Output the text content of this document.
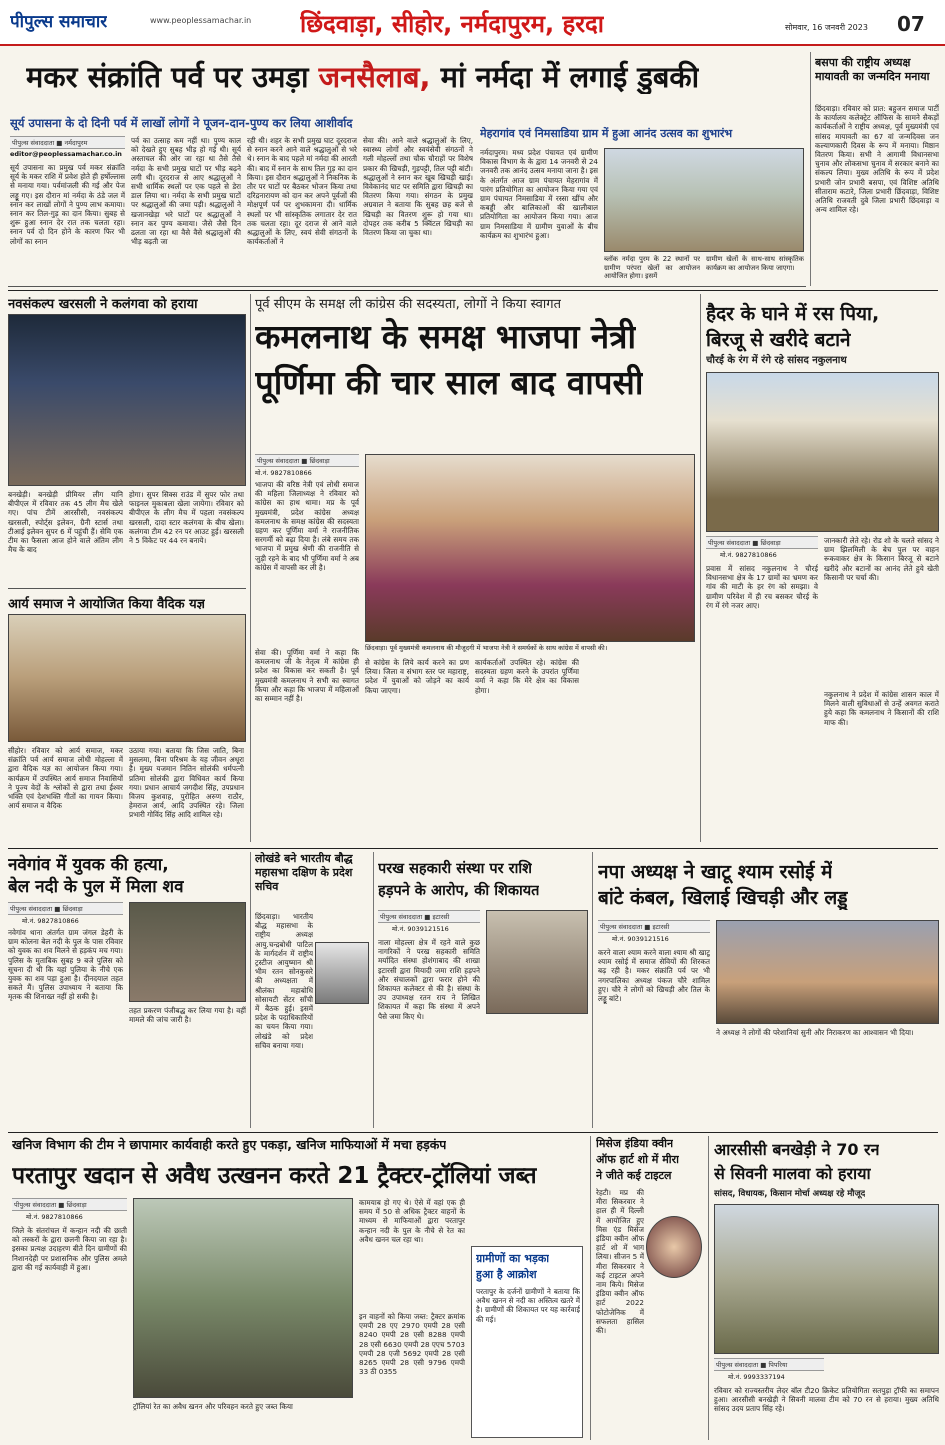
पीपुल्स समाचार	www.peoplessamachar.in छिंदवाड़ा, सीहोर, नर्मदापुरम, हरदा	सोमवार, 16 जनवरी 2023 07
मकर संक्रांति पर्व पर उमड़ा जनसैलाब, मां नर्मदा में लगाई डुबकी
सूर्य उपासना के दो दिनी पर्व में लाखों लोगों ने पूजन-दान-पुण्य कर लिया आशीर्वाद
पीपुल्स संवाददाता ■ नर्मदापुरम
editor@peoplessamachar.co.in
सूर्य उपासना का प्रमुख पर्व मकर संक्रांति सूर्य के मकर राशि में प्रवेश होते ही हर्षोल्लास से मनाया गया। पर्वमांजली की गई और पेज लड्डू गए। इस दौरान मां नर्मदा के ठंडे जल में स्नान कर लाखों लोगों ने पुण्य लाभ कमाया। स्नान कर तिल-गुड़ का दान किया। सुबह से शुरू हुआ स्नान देर रात तक चलता रहा। स्नान पर्व दो दिन होने के कारण फिर भी लोगों का स्नान
पर्व का उत्साह कम नहीं था। पुण्य काल को देखते हुए सुबह भीड़ हो गई थी। सूर्य अस्ताचल की ओर जा रहा था तैसे तैसे नर्मदा के सभी प्रमुख घाटों पर भीड़ बढ़ने लगी थी। दूरदराज से आए श्रद्धालुओं ने सभी धार्मिक स्थलों पर एक पहले से डेरा डाल लिया था। नर्मदा के सभी प्रमुख घाटों पर श्रद्धालुओं की जमा पड़ी। श्रद्धालुओं ने खजानखेड़ा भरे घाटों पर श्रद्धालुओं ने स्नान कर पुण्य कमाया। जैसे जैसे दिन ढलता जा रहा था वैसे वैसे श्रद्धालुओं की भीड़ बढ़ती जा
रही थी। शहर के सभी प्रमुख घाट दूरदराज से स्नान करने आने वाले श्रद्धालुओं से भरे थे। स्नान के बाद पहले मां नर्मदा की आरती की। बाद में स्नान के साथ तिल गुड़ का दान किया। इस दौरान श्रद्धालुओं ने निकनिक के तौर पर घाटों पर बैठकर भोजन किया तथा दरिद्रनारायण को दान कर अपने पूर्वजों की मोक्षपूर्ण पर्व पर शुभकामना दी। धार्मिक स्थलों पर भी सांस्कृतिक लगातार देर रात तक चलता रहा। दूर दराज से आने वाले श्रद्धालुओं के लिए, स्वयं सेवी संगठनों के कार्यकर्ताओं ने
सेवा की। आने वाले श्रद्धालुओं के लिए, स्वास्थ्य लोगों और स्वयंसेवी संगठनों ने गली मोहल्लों तथा चौक चौराहों पर विशेष प्रकार की खिचड़ी, गुड़पट्टी, तिल पट्टी बांटी। श्रद्धालुओं ने स्नान कर खूब खिचड़ी खाई। विवेकानंद घाट पर समिति द्वारा खिचड़ी का वितरण किया गया। संगठन के प्रमुख अग्रवाल ने बताया कि सुबह छह बजे से खिचड़ी का वितरण शुरू हो गया था। दोपहर तक करीब 5 क्विंटल खिचड़ी का वितरण किया जा चुका था।
मेहरागांव एवं निमसाडिया ग्राम में हुआ आनंद उत्सव का शुभारंभ
नर्मदापुरम। मध्य प्रदेश पंचायत एवं ग्रामीण विकास विभाग के के द्वारा 14 जनवरी से 24 जनवरी तक आनंद उत्सव मनाया जाना है। इस के अंतर्गत आज ग्राम पंचायत मेहरागांव में पारंग प्रतियोगिता का आयोजन किया गया एवं ग्राम पंचायत निमसाडिया में रस्सा खींच और कबड्डी और बालिकाओं की खालीबाल प्रतियोगिता का आयोजन किया गया। आज ग्राम निमसाडिया में ग्रामीण युवाओं के बीच कार्यक्रम का शुभारंभ हुआ।
ब्लॉक नर्मदा पुरम के 22 स्थानों पर ग्रामीण परंपरा खेलों का आयोजन आयोजित होगा। इसमें
ग्रामीण खेलों के साथ-साथ सांस्कृतिक कार्यक्रम का आयोजन किया जाएगा।
बसपा की राष्ट्रीय अध्यक्ष मायावती का जन्मदिन मनाया
छिंदवाड़ा। रविवार को प्रात: बहुजन समाज पार्टी के कार्यालय कलेक्ट्रेट ऑफिस के सामने सैकड़ों कार्यकर्ताओं ने राष्ट्रीय अध्यक्ष, पूर्व मुख्यमंत्री एवं सांसद मायावती का 67 वां जन्मदिवस जन कल्याणकारी दिवस के रूप में मनाया। मिष्ठान वितरण किया। सभी ने आगामी विधानसभा चुनाव और लोकसभा चुनाव में सरकार बनाने का संकल्प लिया। मुख्य अतिथि के रूप में प्रदेश प्रभारी जोन प्रभारी बसपा, एवं विशिष्ट अतिथि सीताराम कटारे, जिला प्रभारी छिंदवाड़ा, विशिष्ट अतिथि राजवती दुबे जिला प्रभारी छिंदवाड़ा व अन्य शामिल रहे।
नवसंकल्प खरसली ने कलंगवा को हराया
बनखेड़ी। बनखेड़ी प्रीमियर लीग यानि बीपीएल में रविवार तक 45 लीग मैच खेले गए। पांच टीमें आरसीसी, नवसंकल्प खरसली, स्पोर्ट्स इलेवन, ग्रैनी स्टार्स तथा टीआई इलेवन सुपर 6 में पहुंची हैं। सेमि एक टीम का फैसला आज होने वाले अंतिम लीग मैच के बाद
होगा। सुपर सिक्स राउंड में सुपर फोर तथा फाइनल मुकाबला खेला जायेगा। रविवार को बीपीएल के लीग मैच में पहला नवसंकल्प खरसली, दादा स्टार कलंगवा के बीच खेला। कलंगवा टीम 42 रन पर आउट हुई। खरसली ने 5 विकेट पर 44 रन बनाये।
आर्य समाज ने आयोजित किया वैदिक यज्ञ
सीहोर। रविवार को आर्य समाज, मकर संक्रांति पर्व आर्य समाज लोधी मोहल्ला में द्वारा वैदिक यज्ञ का आयोजन किया गया। कार्यक्रम में उपस्थित आर्य समाज निवासियों ने पूज्य वेदों के श्लोकों से द्वारा तथा ईश्वर भक्ति एवं देशभक्ति गीतों का गायन किया। आर्य समाज व वैदिक
उठाया गया। बताया कि जिस जाति, बिना मुसलमा, बिना परिश्रम के यह जीवन अधूरा है। मुख्य यजमान नितिन सोलंकी धर्मपत्नी प्रतिमा सोलंकी द्वारा विधिवत कार्य किया गया। प्रधान आचार्य जगदीश सिंह, उपप्रधान विजय कुशवाह, पुरोहित अरुण राठौर, हेमराज आर्य, आदि उपस्थित रहे। जिला प्रभारी गोविंद सिंह आदि शामिल रहे।
पूर्व सीएम के समक्ष ली कांग्रेस की सदस्यता, लोगों ने किया स्वागत
कमलनाथ के समक्ष भाजपा नेत्री
पूर्णिमा की चार साल बाद वापसी
पीपुल्स संवाददाता ■ छिंदवाड़ा
मो.नं. 9827810866
भाजपा की वरिष्ठ नेत्री एवं लोधी समाज की महिला जिलाध्यक्ष ने रविवार को कांग्रेस का हाथ थामा। मप्र के पूर्व मुख्यमंत्री, प्रदेश कांग्रेस अध्यक्ष कमलनाथ के समक्ष कांग्रेस की सदस्यता ग्रहण कर पूर्णिमा वर्मा ने राजनीतिक सरगर्मी को बढ़ा दिया है। लंबे समय तक भाजपा में प्रमुख श्रेणी की राजनीति से जुड़ी रहने के बाद भी पूर्णिमा वर्मा ने अब कांग्रेस में वापसी कर ली है।
सेवा की। पूर्णिमा वर्मा ने कहा कि कमलनाथ जी के नेतृत्व में कांग्रेस ही प्रदेश का विकास कर सकती है। पूर्व मुख्यमंत्री कमलनाथ ने सभी का स्वागत किया और कहा कि भाजपा में महिलाओं का सम्मान नहीं है।
छिंदवाड़ा। पूर्व मुख्यमंत्री कमलनाथ की मौजूदगी में भाजपा नेत्री ने समर्थकों के साथ कांग्रेस में वापसी की।
से कांग्रेस के लिये कार्य करने का प्रण लिया। जिला व संभाग स्तर पर महाराष्ट्र, प्रदेश में युवाओं को जोड़ने का कार्य किया जाएगा।
कार्यकर्ताओं उपस्थित रहे। कांग्रेस की सदस्यता ग्रहण करने के उपरांत पूर्णिमा वर्मा ने कहा कि मेरे क्षेत्र का विकास होगा।
हैदर के घाने में रस पिया,
बिरजू से खरीदे बटाने
चौरई के रंग में रंगे रहे सांसद नकुलनाथ
पीपुल्स संवाददाता ■ छिंदवाड़ा
मो.नं. 9827810866
प्रवास में सांसद नकुलनाथ ने चौरई विधानसभा क्षेत्र के 17 ग्रामों का भ्रमण कर गांव की माटी के हर रंग को समझा। वे ग्रामीण परिवेश में ही रच बसकर चौरई के रंग में रंगे नजर आए।
जानकारी लेते रहे। रोड शो के चलते सांसद ने ग्राम झिलमिली के बेच पुल पर वाहन रूकवाकर क्षेत्र के किसान बिरजू से बटाने खरीदे और बटानों का आनंद लेते हुये खेती किसानी पर चर्चा की।
नकुलनाथ ने प्रदेश में कांग्रेस शासन काल में मिलने वाली सुविधाओं से उन्हें अवगत कराते हुये कहा कि कमलनाथ ने किसानों की राशि माफ की।
नवेगांव में युवक की हत्या,
बेल नदी के पुल में मिला शव
पीपुल्स संवाददाता ■ छिंदवाड़ा
मो.नं. 9827810866
नवेगांव थाना अंतर्गत ग्राम जंगल डेहरी के ग्राम कोलना बेल नदी के पुल के पास रविवार को युवक का शव मिलने से हड़कंप मच गया। पुलिस के मुताबिक सुबह 9 बजे पुलिस को सूचना दी थी कि यहां पुलिया के नीचे एक युवक का शव पड़ा हुआ है। दीनदयाल तहत सकते मैं। पुलिस उपाध्याय ने बताया कि मृतक की शिनाख्त नहीं हो सकी है।
तहत प्रकरण पंजीबद्ध कर लिया गया है। वहीं मामले की जांच जारी है।
लोखंडे बने भारतीय बौद्ध महासभा दक्षिण के प्रदेश सचिव
छिंदवाड़ा। भारतीय बौद्ध महासभा के राष्ट्रीय अध्यक्ष आयु.चन्द्रबोधी पाटिल के मार्गदर्शन में राष्ट्रीय ट्रस्टीज आयुष्मान श्री भीम रतन सोनकुसरे की अध्यक्षता में श्रीलंका महाबोधि सोसायटी सेंटर साँची में बैठक हुई। इसमें प्रदेश के पदाधिकारियों का चयन किया गया। लोखंडे को प्रदेश सचिव बनाया गया।
परख सहकारी संस्था पर राशि
हड़पने के आरोप, की शिकायत
पीपुल्स संवाददाता ■ इटारसी
मो.नं. 9039121516
नाला मोहल्ला क्षेत्र में रहने वाले कुछ नागरिकों ने परख सहकारी समिति मर्यादित संस्था होशंगाबाद की शाखा इटारसी द्वारा मियादी जमा राशि हड़पने और संचालकों द्वारा फरार होने की शिकायत कलेक्टर से की है। संस्था के उप उपाध्यक्ष रतन राय ने लिखित शिकायत में कहा कि संस्था में अपने पैसे जमा किए थे।
नपा अध्यक्ष ने खाटू श्याम रसोई में
बांटे कंबल, खिलाई खिचड़ी और लड्डू
पीपुल्स संवाददाता ■ इटारसी
मो.नं. 9039121516
करने वाला श्याम करने वाला श्याम श्री खाटू श्याम रसोई में समाज सेवियों की शिरकत बढ़ रही है। मकर संक्रांति पर्व पर भी नगरपालिका अध्यक्ष पंकज चौरे शामिल हुए। चौरे ने लोगों को खिचड़ी और तिल के लड्डू बांटे।
ने अध्यक्ष ने लोगों की परेशानियां सुनी और निराकरण का आश्वासन भी दिया।
खनिज विभाग की टीम ने छापामार कार्यवाही करते हुए पकड़ा, खनिज माफियाओं में मचा हड़कंप
परतापुर खदान से अवैध उत्खनन करते 21 ट्रैक्टर-ट्रॉलियां जब्त
पीपुल्स संवाददाता ■ छिंदवाड़ा
मो.नं. 9827810866
जिले के संतरांचल में कन्हान नदी की छाती को तस्करों के द्वारा छलनी किया जा रहा है। इसका प्रत्यक्ष उदाहरण बीते दिन ग्रामीणों की निशानदेही पर प्रशासनिक और पुलिस अमले द्वारा की गई कार्यवाही में हुआ।
ट्रॉलियां रेत का अवैध खनन और परिवहन करते हुए जब्त किया
कामयाब हो गए थे। ऐसे में वहां एक ही समय में 50 से अधिक ट्रैक्टर वाहनों के माध्यम से माफियाओं द्वारा परतापुर कन्हान नदी के पुल के नीचे से रेत का अवैध खनन चल रहा था।
इन वाहनों को किया जब्त: ट्रैक्टर क्रमांक एमपी 28 एए 2970 एमपी 28 एसी 8240 एमपी 28 एसी 8288 एमपी 28 एसी 6630 एमपी 28 एएच 5703 एमपी 28 एजी 5692 एमपी 28 एसी 8265 एमपी 28 एसी 9796 एमपी 33 ठी 0355
ग्रामीणों का भड़का
हुआ है आक्रोश
परतापुर के दर्जनों ग्रामीणों ने बताया कि अवैध खनन से नदी का अस्तित्व खतरे में है। ग्रामीणों की शिकायत पर यह कार्रवाई की गई।
मिसेज इंडिया क्वीन
ऑफ हार्ट शो में मीरा
ने जीते कई टाइटल
रेहटी। मप्र की मीरा सिकरवार ने हाल ही में दिल्ली में आयोजित हुए मिस एंड मिसेज इंडिया क्वीन ऑफ हार्ट शो में भाग लिया। सीजन 5 में मीरा सिकरवार ने कई टाइटल अपने नाम किये। मिसेज इंडिया क्वीन ऑफ हार्ट 2022 फोटोजेनिक में सफलता हासिल की।
आरसीसी बनखेड़ी ने 70 रन
से सिवनी मालवा को हराया
सांसद, विधायक, किसान मोर्चा अध्यक्ष रहे मौजूद
पीपुल्स संवाददाता ■ पिपरिया
मो.नं. 9993337194
रविवार को राज्यस्तरीय लेदर बॉल टी20 क्रिकेट प्रतियोगिता सतपुड़ा ट्रॉफी का समापन हुआ। आरसीसी बनखेड़ी ने सिवनी मालवा टीम को 70 रन से हराया। मुख्य अतिथि सांसद उदय प्रताप सिंह रहे।
